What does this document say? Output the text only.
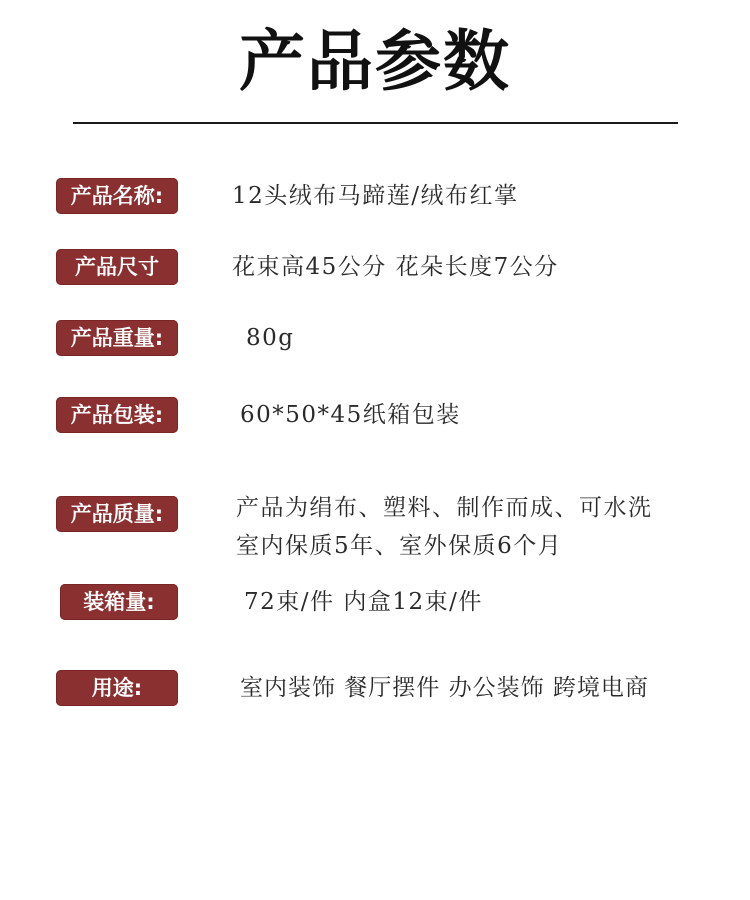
产品参数
产品名称:	12头绒布马蹄莲/绒布红掌
产品尺寸	花束高45公分 花朵长度7公分
产品重量:	80g
产品包装:	60*50*45纸箱包装
产品质量:	产品为绢布、塑料、制作而成、可水洗
室内保质5年、室外保质6个月
装箱量:	72束/件 内盒12束/件
用途:	室内装饰 餐厅摆件 办公装饰 跨境电商
